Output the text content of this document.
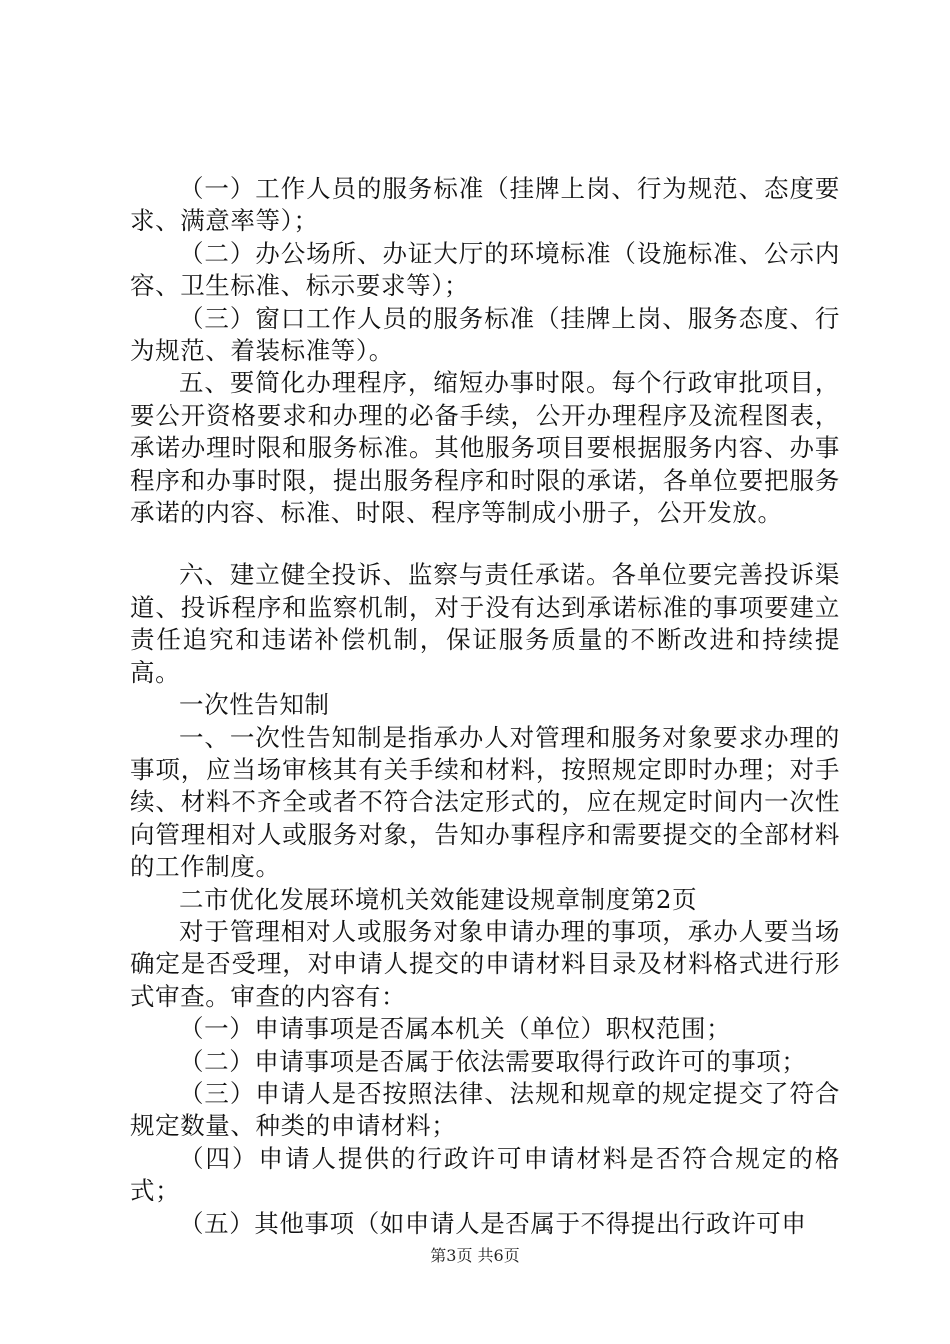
（一）工作人员的服务标准（挂牌上岗、行为规范、态度要求、满意率等）；

（二）办公场所、办证大厅的环境标准（设施标准、公示内容、卫生标准、标示要求等）；

（三）窗口工作人员的服务标准（挂牌上岗、服务态度、行为规范、着装标准等）。

五、要简化办理程序，缩短办事时限。每个行政审批项目，要公开资格要求和办理的必备手续，公开办理程序及流程图表，承诺办理时限和服务标准。其他服务项目要根据服务内容、办事程序和办事时限，提出服务程序和时限的承诺，各单位要把服务承诺的内容、标准、时限、程序等制成小册子，公开发放。

六、建立健全投诉、监察与责任承诺。各单位要完善投诉渠道、投诉程序和监察机制，对于没有达到承诺标准的事项要建立责任追究和违诺补偿机制，保证服务质量的不断改进和持续提高。

一次性告知制

一、一次性告知制是指承办人对管理和服务对象要求办理的事项，应当场审核其有关手续和材料，按照规定即时办理；对手续、材料不齐全或者不符合法定形式的，应在规定时间内一次性向管理相对人或服务对象，告知办事程序和需要提交的全部材料的工作制度。

二市优化发展环境机关效能建设规章制度第2页

对于管理相对人或服务对象申请办理的事项，承办人要当场确定是否受理，对申请人提交的申请材料目录及材料格式进行形式审查。审查的内容有：

（一）申请事项是否属本机关（单位）职权范围；

（二）申请事项是否属于依法需要取得行政许可的事项；

（三）申请人是否按照法律、法规和规章的规定提交了符合规定数量、种类的申请材料；

（四）申请人提供的行政许可申请材料是否符合规定的格式；

（五）其他事项（如申请人是否属于不得提出行政许可申

第3页 共6页
